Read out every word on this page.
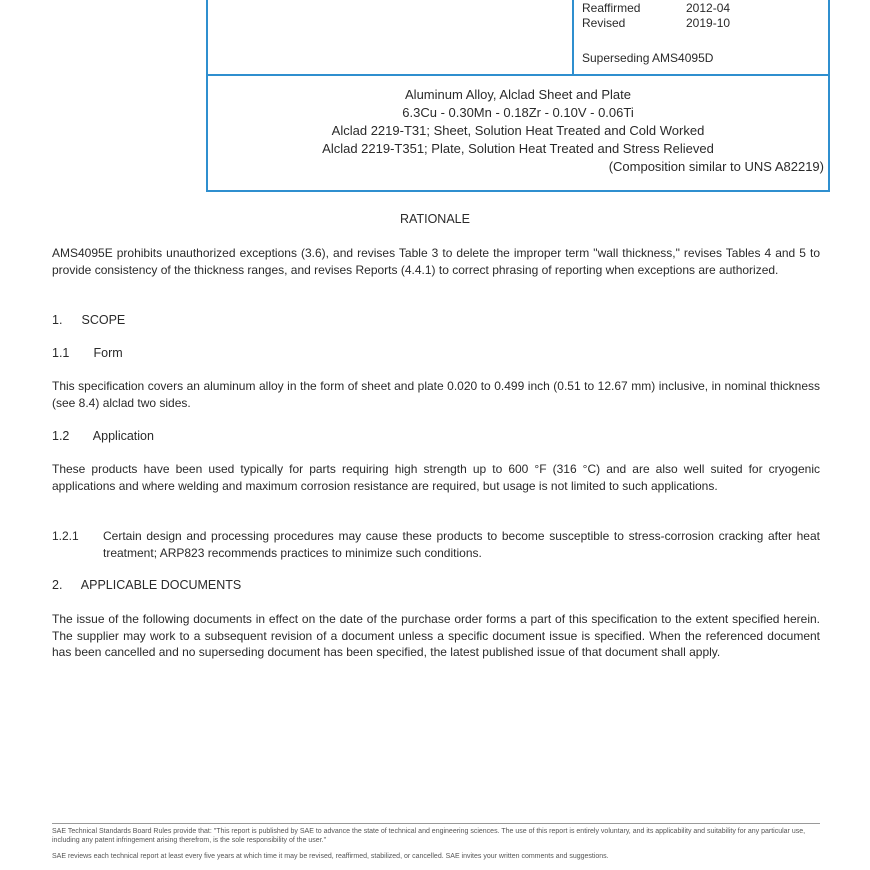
Reaffirmed	2012-04
Revised	2019-10
Superseding AMS4095D
Aluminum Alloy, Alclad Sheet and Plate
6.3Cu - 0.30Mn - 0.18Zr - 0.10V - 0.06Ti
Alclad 2219-T31; Sheet, Solution Heat Treated and Cold Worked
Alclad 2219-T351; Plate, Solution Heat Treated and Stress Relieved
(Composition similar to UNS A82219)
RATIONALE
AMS4095E prohibits unauthorized exceptions (3.6), and revises Table 3 to delete the improper term "wall thickness," revises Tables 4 and 5 to provide consistency of the thickness ranges, and revises Reports (4.4.1) to correct phrasing of reporting when exceptions are authorized.
1. SCOPE
1.1 Form
This specification covers an aluminum alloy in the form of sheet and plate 0.020 to 0.499 inch (0.51 to 12.67 mm) inclusive, in nominal thickness (see 8.4) alclad two sides.
1.2 Application
These products have been used typically for parts requiring high strength up to 600 °F (316 °C) and are also well suited for cryogenic applications and where welding and maximum corrosion resistance are required, but usage is not limited to such applications.
1.2.1 Certain design and processing procedures may cause these products to become susceptible to stress-corrosion cracking after heat treatment; ARP823 recommends practices to minimize such conditions.
2. APPLICABLE DOCUMENTS
The issue of the following documents in effect on the date of the purchase order forms a part of this specification to the extent specified herein. The supplier may work to a subsequent revision of a document unless a specific document issue is specified. When the referenced document has been cancelled and no superseding document has been specified, the latest published issue of that document shall apply.
SAE Technical Standards Board Rules provide that: "This report is published by SAE to advance the state of technical and engineering sciences. The use of this report is entirely voluntary, and its applicability and suitability for any particular use, including any patent infringement arising therefrom, is the sole responsibility of the user."
SAE reviews each technical report at least every five years at which time it may be revised, reaffirmed, stabilized, or cancelled. SAE invites your written comments and suggestions.
